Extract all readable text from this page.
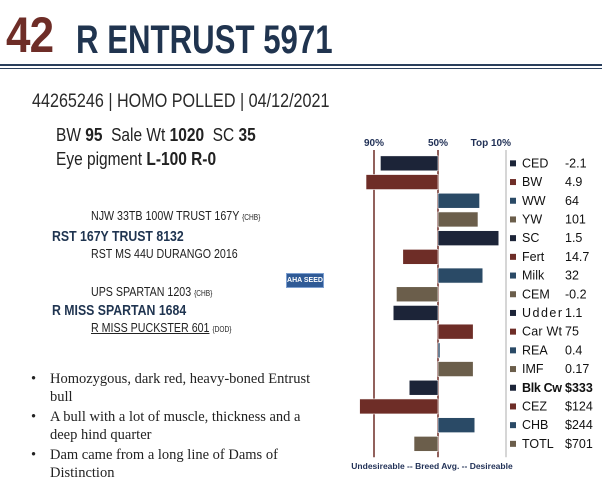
42 R ENTRUST 5971
44265246 | HOMO POLLED | 04/12/2021
BW 95 Sale Wt 1020 SC 35
Eye pigment L-100 R-0
NJW 33TB 100W TRUST 167Y {CHB}
RST 167Y TRUST 8132
RST MS 44U DURANGO 2016
UPS SPARTAN 1203 {CHB}
R MISS SPARTAN 1684
R MISS PUCKSTER 601 {DOD}
AHA SEED
• Homozygous, dark red, heavy-boned Entrust bull
• A bull with a lot of muscle, thickness and a deep hind quarter
• Dam came from a long line of Dams of Distinction
90%	50% Top 10%
CED -2.1
BW 4.9
WW 64
YW 101
SC 1.5
Fert 14.7
Milk 32
CEM -0.2
Udder 1.1
Car Wt 75
REA 0.4
IMF 0.17
Blk Cw $333
CEZ $124
CHB $244
TOTL $701
Undesireable -- Breed Avg. -- Desireable
